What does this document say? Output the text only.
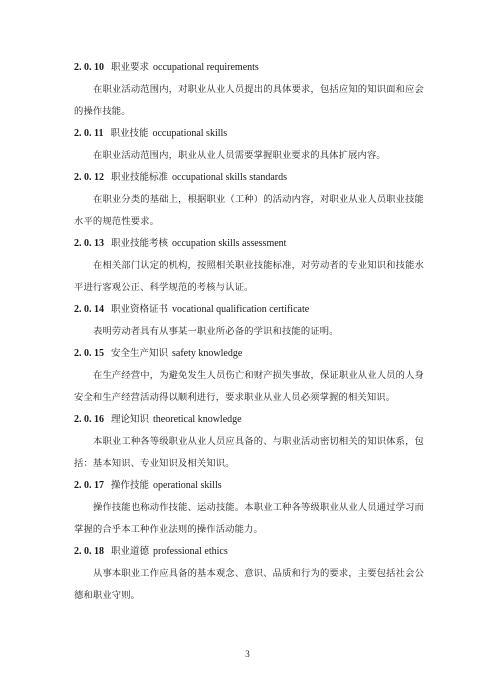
2. 0. 10 职业要求 occupational requirements

在职业活动范围内，对职业从业人员提出的具体要求，包括应知的知识面和应会的操作技能。

2. 0. 11 职业技能 occupational skills

在职业活动范围内，职业从业人员需要掌握职业要求的具体扩展内容。

2. 0. 12 职业技能标准 occupational skills standards

在职业分类的基础上，根据职业（工种）的活动内容，对职业从业人员职业技能水平的规范性要求。

2. 0. 13 职业技能考核 occupation skills assessment

在相关部门认定的机构，按照相关职业技能标准，对劳动者的专业知识和技能水平进行客观公正、科学规范的考核与认证。

2. 0. 14 职业资格证书 vocational qualification certificate

表明劳动者具有从事某一职业所必备的学识和技能的证明。

2. 0. 15 安全生产知识 safety knowledge

在生产经营中，为避免发生人员伤亡和财产损失事故，保证职业从业人员的人身安全和生产经营活动得以顺利进行，要求职业从业人员必须掌握的相关知识。

2. 0. 16 理论知识 theoretical knowledge

本职业工种各等级职业从业人员应具备的、与职业活动密切相关的知识体系，包括：基本知识、专业知识及相关知识。

2. 0. 17 操作技能 operational skills

操作技能也称动作技能、运动技能。本职业工种各等级职业从业人员通过学习而掌握的合乎本工种作业法则的操作活动能力。

2. 0. 18 职业道德 professional ethics

从事本职业工作应具备的基本观念、意识、品质和行为的要求，主要包括社会公德和职业守则。

3
